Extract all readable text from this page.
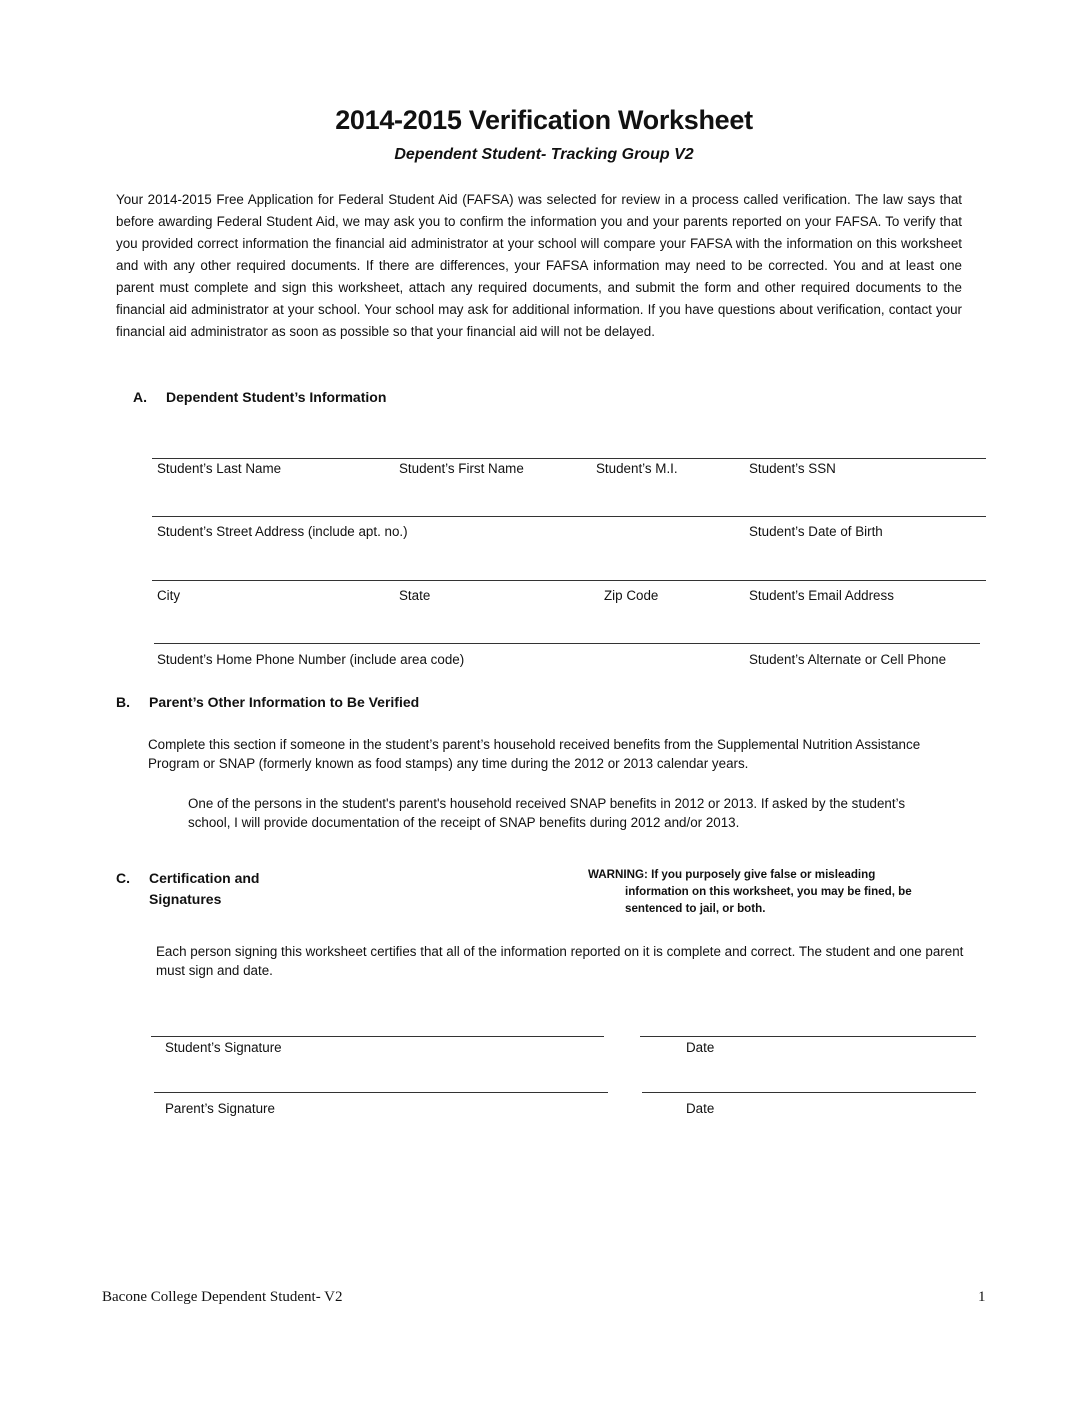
2014-2015 Verification Worksheet
Dependent Student- Tracking Group V2
Your 2014-2015 Free Application for Federal Student Aid (FAFSA) was selected for review in a process called verification. The law says that before awarding Federal Student Aid, we may ask you to confirm the information you and your parents reported on your FAFSA. To verify that you provided correct information the financial aid administrator at your school will compare your FAFSA with the information on this worksheet and with any other required documents. If there are differences, your FAFSA information may need to be corrected. You and at least one parent must complete and sign this worksheet, attach any required documents, and submit the form and other required documents to the financial aid administrator at your school. Your school may ask for additional information. If you have questions about verification, contact your financial aid administrator as soon as possible so that your financial aid will not be delayed.
A. Dependent Student’s Information
Student’s Last Name	Student’s First Name	Student’s M.I.	Student’s SSN
Student’s Street Address (include apt. no.)	Student’s Date of Birth
City	State	Zip Code	Student’s Email Address
Student’s Home Phone Number (include area code)	Student’s Alternate or Cell Phone
B. Parent’s Other Information to Be Verified
Complete this section if someone in the student’s parent’s household received benefits from the Supplemental Nutrition Assistance Program or SNAP (formerly known as food stamps) any time during the 2012 or 2013 calendar years.
One of the persons in the student's parent's household received SNAP benefits in 2012 or 2013. If asked by the student’s school, I will provide documentation of the receipt of SNAP benefits during 2012 and/or 2013.
C. Certification and
Signatures
WARNING: If you purposely give false or misleading
information on this worksheet, you may be fined, be
sentenced to jail, or both.
Each person signing this worksheet certifies that all of the information reported on it is complete and correct. The student and one parent must sign and date.
Student’s Signature	Date
Parent’s Signature	Date
Bacone College Dependent Student- V2	1
